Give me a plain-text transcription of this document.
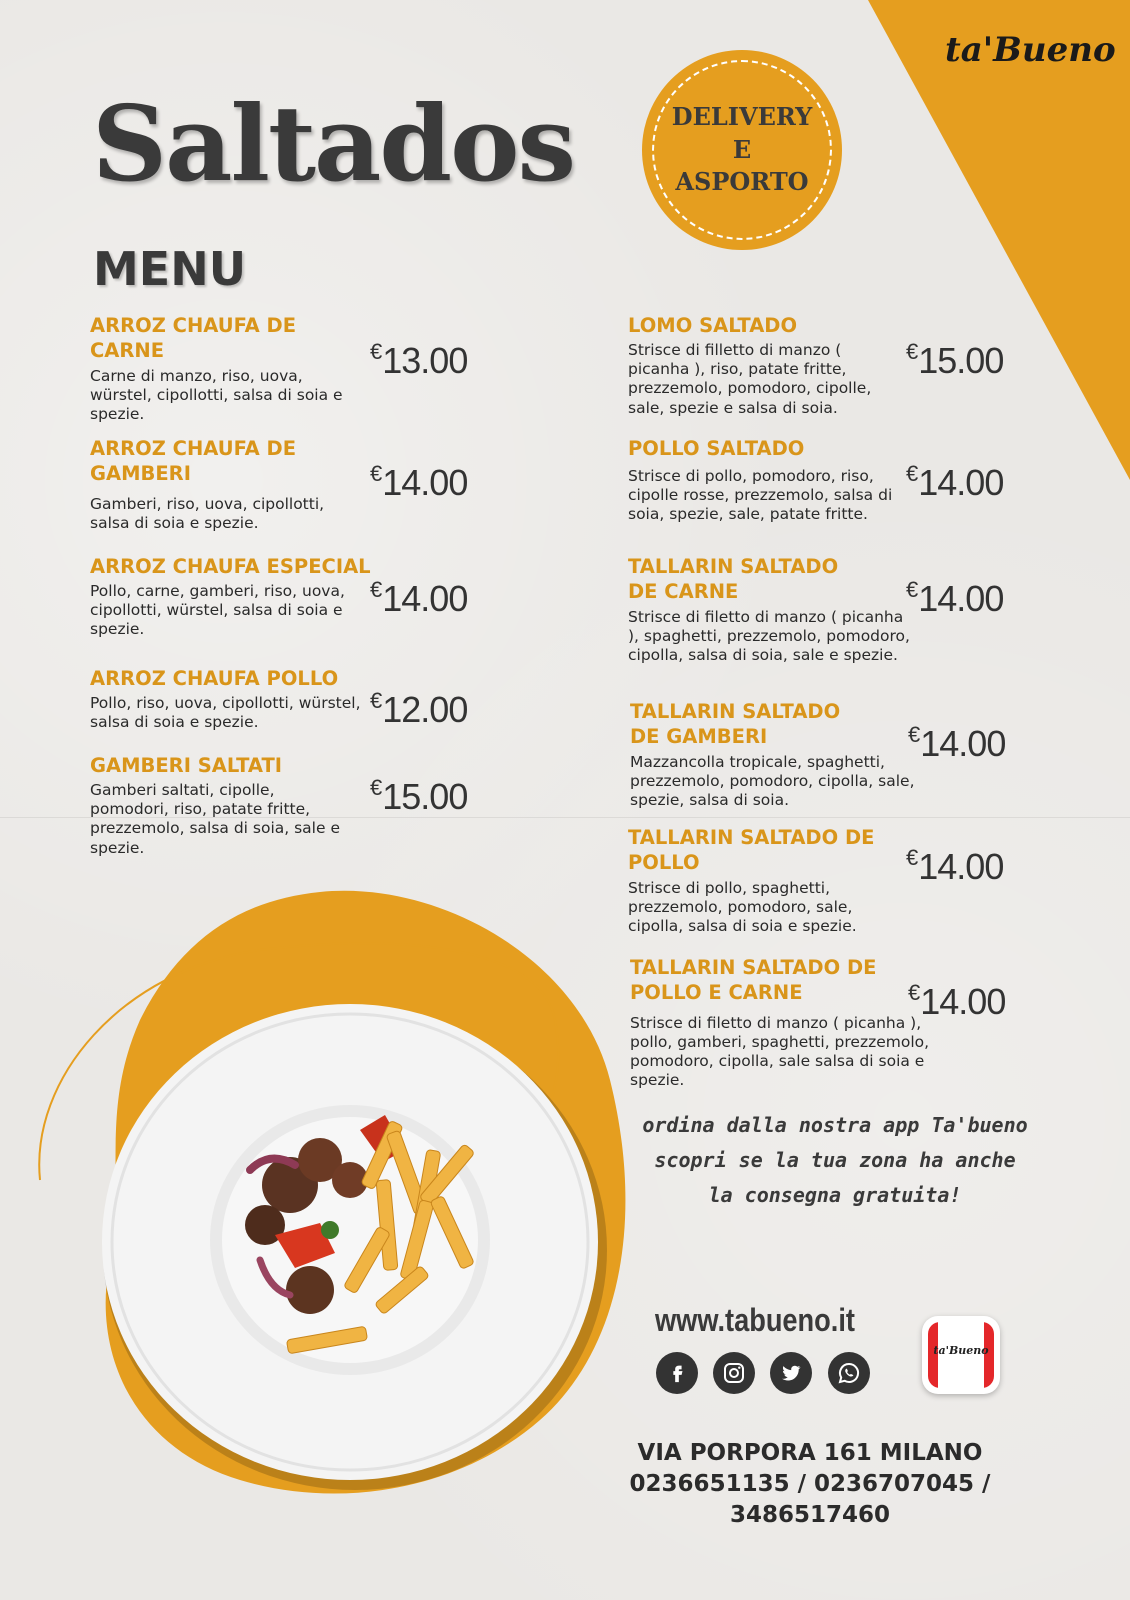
ta'Bueno
Saltados
MENU
DELIVERY
E
ASPORTO
ARROZ CHAUFA DE CARNE
Carne di manzo, riso, uova, würstel, cipollotti, salsa di soia e spezie.
€13.00
ARROZ CHAUFA DE GAMBERI
Gamberi, riso, uova, cipollotti, salsa di soia e spezie.
€14.00
ARROZ CHAUFA ESPECIAL
Pollo, carne, gamberi, riso, uova, cipollotti, würstel, salsa di soia e spezie.
€14.00
ARROZ CHAUFA POLLO
Pollo, riso, uova, cipollotti, würstel, salsa di soia e spezie.
€12.00
GAMBERI SALTATI
Gamberi saltati, cipolle, pomodori, riso, patate fritte, prezzemolo, salsa di soia, sale e spezie.
€15.00
LOMO SALTADO
Strisce di filletto di manzo ( picanha ), riso, patate fritte, prezzemolo, pomodoro, cipolle, sale, spezie e salsa di soia.
€15.00
POLLO SALTADO
Strisce di pollo, pomodoro, riso, cipolle rosse, prezzemolo, salsa di soia, spezie, sale, patate fritte.
€14.00
TALLARIN SALTADO DE CARNE
Strisce di filetto di manzo ( picanha ), spaghetti, prezzemolo, pomodoro, cipolla, salsa di soia, sale e spezie.
€14.00
TALLARIN SALTADO DE GAMBERI
Mazzancolla tropicale, spaghetti, prezzemolo, pomodoro, cipolla, sale, spezie, salsa di soia.
€14.00
TALLARIN SALTADO DE POLLO
Strisce di pollo, spaghetti, prezzemolo, pomodoro, sale, cipolla, salsa di soia e spezie.
€14.00
TALLARIN SALTADO DE POLLO E CARNE
Strisce di filetto di manzo ( picanha ), pollo, gamberi, spaghetti, prezzemolo, pomodoro, cipolla, sale salsa di soia e spezie.
€14.00
ordina dalla nostra app Ta'bueno
scopri se la tua zona ha anche
la consegna gratuita!
www.tabueno.it
ta'Bueno
VIA PORPORA 161 MILANO
0236651135 / 0236707045 / 3486517460
